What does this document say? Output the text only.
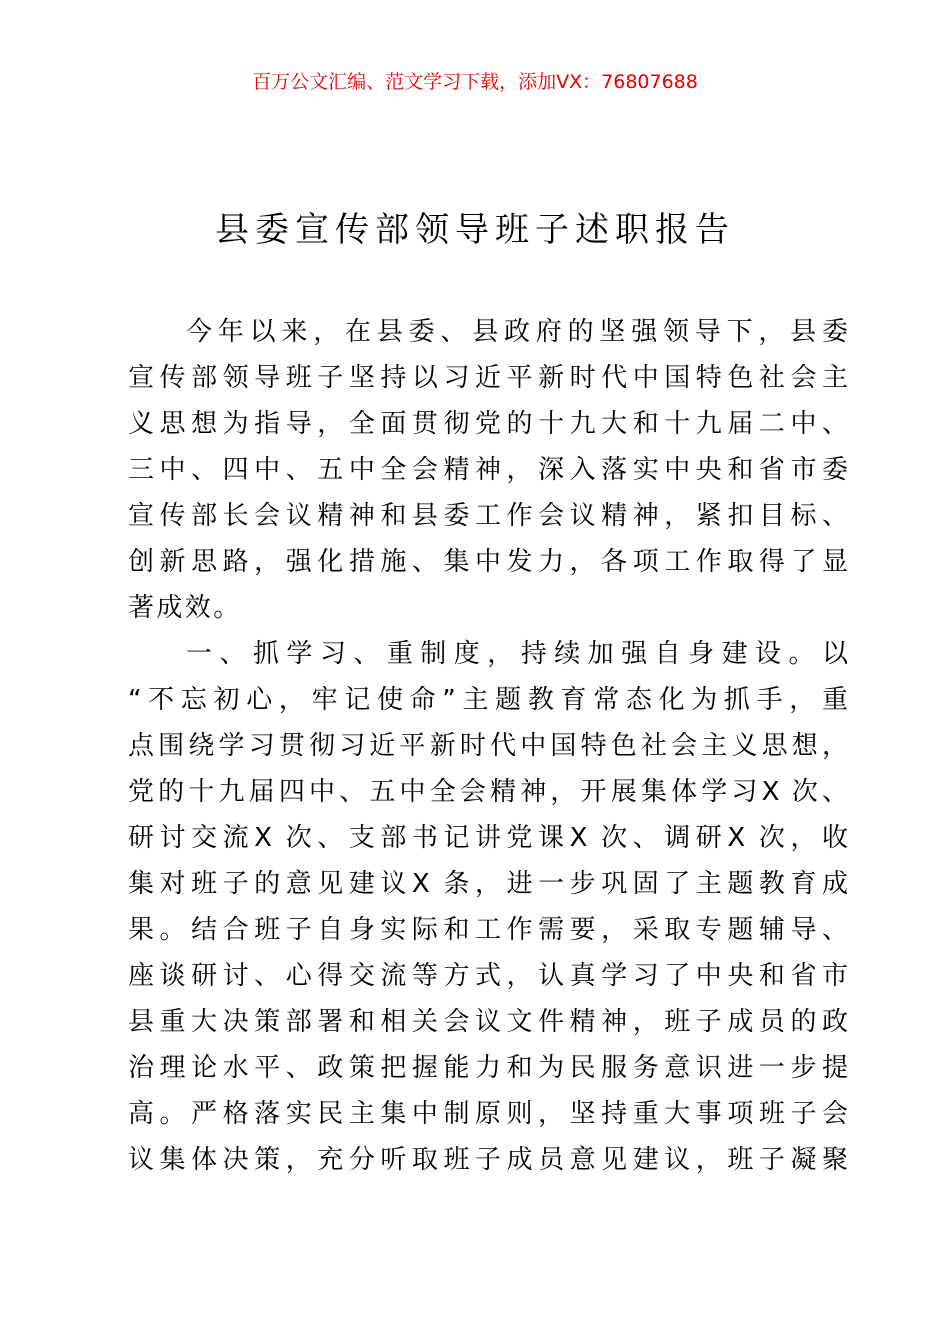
百万公文汇编、范文学习下载，添加VX：76807688
县委宣传部领导班子述职报告
今年以来，在县委、县政府的坚强领导下，县委
宣传部领导班子坚持以习近平新时代中国特色社会主
义思想为指导，全面贯彻党的十九大和十九届二中、
三中、四中、五中全会精神，深入落实中央和省市委
宣传部长会议精神和县委工作会议精神，紧扣目标、
创新思路，强化措施、集中发力，各项工作取得了显
著成效。
一、抓学习、重制度，持续加强自身建设。以
“不忘初心，牢记使命”主题教育常态化为抓手，重
点围绕学习贯彻习近平新时代中国特色社会主义思想，
党的十九届四中、五中全会精神，开展集体学习X 次、
研讨交流X 次、支部书记讲党课X 次、调研X 次，收
集对班子的意见建议X 条，进一步巩固了主题教育成
果。结合班子自身实际和工作需要，采取专题辅导、
座谈研讨、心得交流等方式，认真学习了中央和省市
县重大决策部署和相关会议文件精神，班子成员的政
治理论水平、政策把握能力和为民服务意识进一步提
高。严格落实民主集中制原则，坚持重大事项班子会
议集体决策，充分听取班子成员意见建议，班子凝聚
